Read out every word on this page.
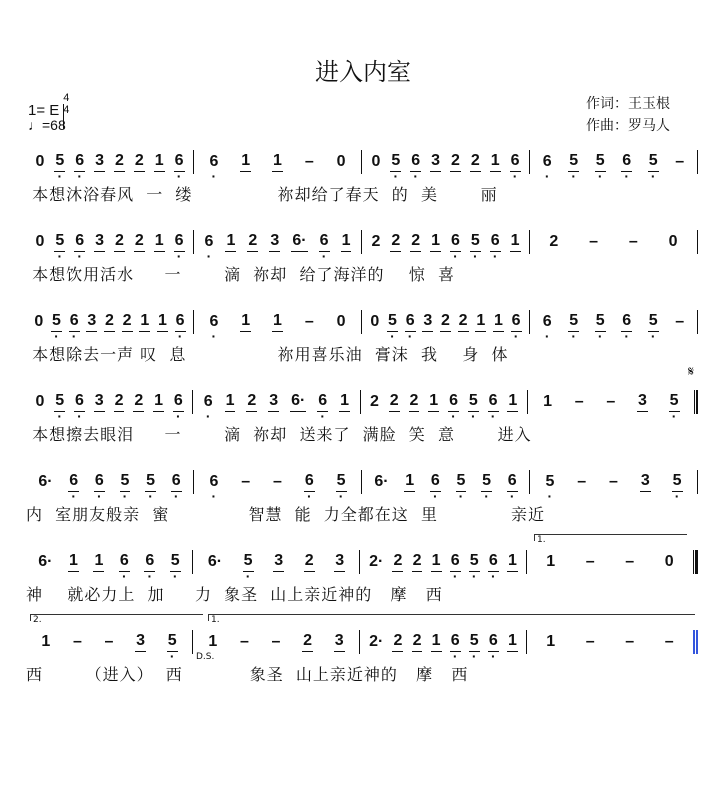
进入内室
1= E $\frac{4}{4}$
♩=68
作词：王玉根
作曲：罗马人
0 5 · 6 · 3 2 2 1 6 · 6 · 1 1 – 0 0 5 · 6 · 3 2 2 1 6 · 6 · 5 · 5 · 6 · 5 · –
本想沐浴春风  一  缕              祢却给了春天  的  美       丽
0 5 · 6 · 3 2 2 1 6 · 6 · 1 2 3 6· 6 · 1 2 2 2 1 6 · 5 · 6 · 1 2 – – 0
本想饮用活水     一       滴  祢却  给了海洋的    惊  喜
0 5 · 6 · 3 2 2 1 1 6 · 6 · 1 1 – 0 0 5 · 6 · 3 2 2 1 1 6 · 6 · 5 · 5 · 6 · 5 · –
本想除去一声 叹  息               祢用喜乐油  膏沫  我    身  体
0 5 · 6 · 3 2 2 1 6 · 6 · 1 2 3 6· 6 · 1 2 2 2 1 6 · 5 · 6 · 1 1 – – 3 5 ·
本想擦去眼泪     一       滴  祢却  送来了  满脸  笑  意       进入
6· 6 · 6 · 5 · 5 · 6 · 6 · – – 6 · 5 · 6· 1 6 · 5 · 5 · 6 · 5 · – – 3 5 ·
内  室朋友般亲  蜜             智慧  能  力全都在这  里            亲近
6· 1 1 6 · 6 · 5 · 6· 5 · 3 2 3 2· 2 2 1 6 · 5 · 6 · 1 1 – – 0
神    就必力上  加     力  象圣  山上亲近神的   摩   西
1 – – 3 5 · 1 – – 2 3 2· 2 2 1 6 · 5 · 6 · 1 1 – – –
西       （进入）  西           象圣  山上亲近神的   摩   西
𝄋
D.S.
1.
2.	1.
